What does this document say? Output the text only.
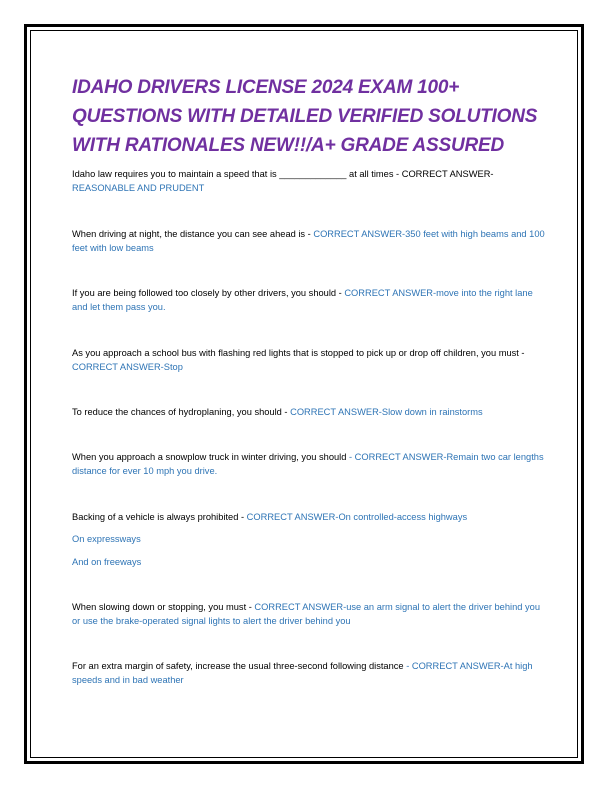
IDAHO DRIVERS LICENSE 2024 EXAM 100+ QUESTIONS WITH DETAILED VERIFIED SOLUTIONS WITH RATIONALES NEW!!/A+ GRADE ASSURED
Idaho law requires you to maintain a speed that is _____________ at all times - CORRECT ANSWER-REASONABLE AND PRUDENT
When driving at night, the distance you can see ahead is - CORRECT ANSWER-350 feet with high beams and 100 feet with low beams
If you are being followed too closely by other drivers, you should - CORRECT ANSWER-move into the right lane and let them pass you.
As you approach a school bus with flashing red lights that is stopped to pick up or drop off children, you must - CORRECT ANSWER-Stop
To reduce the chances of hydroplaning, you should - CORRECT ANSWER-Slow down in rainstorms
When you approach a snowplow truck in winter driving, you should - CORRECT ANSWER-Remain two car lengths distance for ever 10 mph you drive.
Backing of a vehicle is always prohibited - CORRECT ANSWER-On controlled-access highways
On expressways
And on freeways
When slowing down or stopping, you must - CORRECT ANSWER-use an arm signal to alert the driver behind you or use the brake-operated signal lights to alert the driver behind you
For an extra margin of safety, increase the usual three-second following distance - CORRECT ANSWER-At high speeds and in bad weather
